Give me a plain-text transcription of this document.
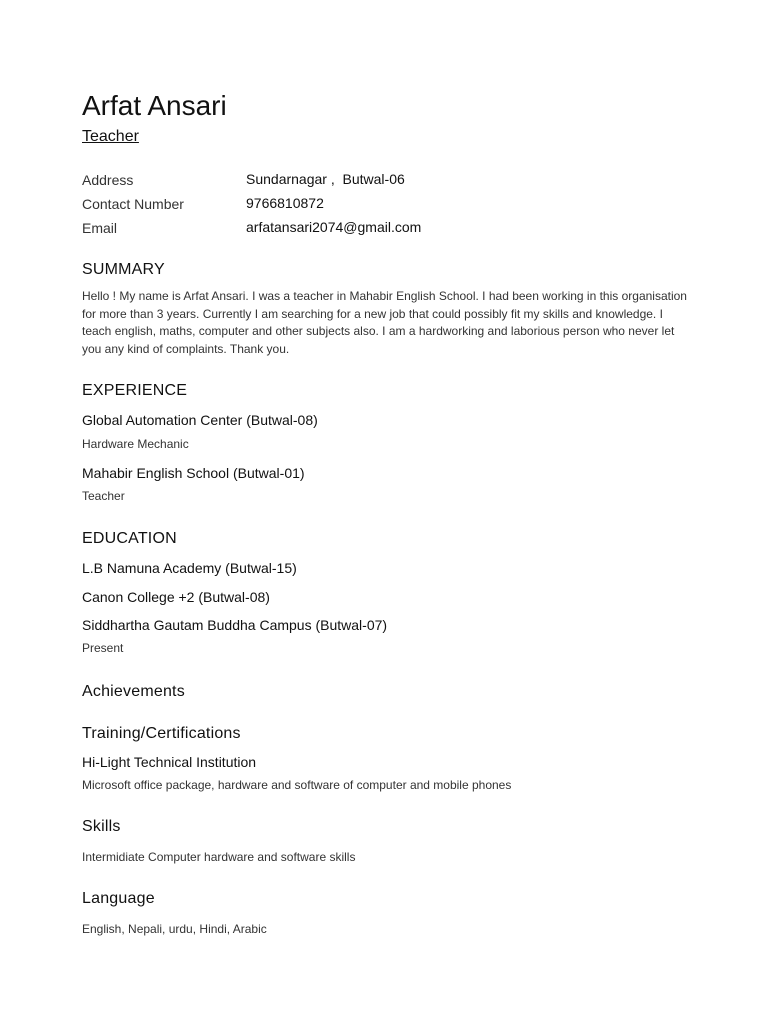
Arfat Ansari
Teacher
Address	Sundarnagar ,  Butwal-06
Contact Number	9766810872
Email	arfatansari2074@gmail.com
SUMMARY
Hello ! My name is Arfat Ansari. I was a teacher in Mahabir English School. I had been working in this organisation for more than 3 years. Currently I am searching for a new job that could possibly fit my skills and knowledge. I teach english, maths, computer and other subjects also. I am a hardworking and laborious person who never let you any kind of complaints. Thank you.
EXPERIENCE
Global Automation Center (Butwal-08)
Hardware Mechanic
Mahabir English School (Butwal-01)
Teacher
EDUCATION
L.B Namuna Academy (Butwal-15)
Canon College +2 (Butwal-08)
Siddhartha Gautam Buddha Campus (Butwal-07)
Present
Achievements
Training/Certifications
Hi-Light Technical Institution
Microsoft office package, hardware and software of computer and mobile phones
Skills
Intermidiate Computer hardware and software skills
Language
English, Nepali, urdu, Hindi, Arabic
